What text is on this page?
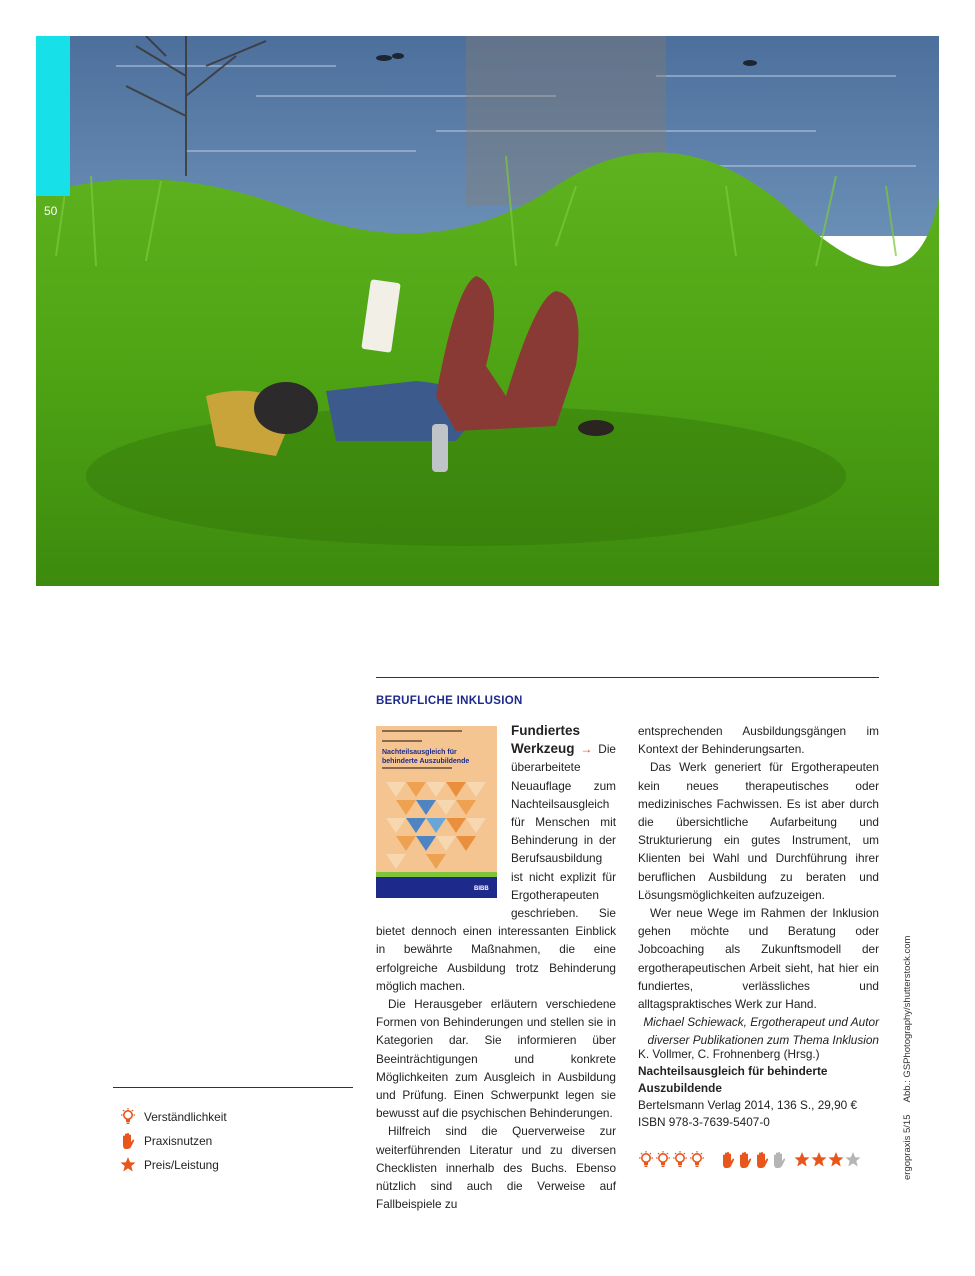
50
BERUFLICHE INKLUSION
Nachteilsausgleich für
behinderte Auszubildende
BIBB

Fundiertes Werkzeug → Die überarbeitete Neuauflage zum Nachteilsausgleich für Menschen mit Behinderung in der Berufsausbildung ist nicht explizit für Ergotherapeuten geschrieben. Sie bietet dennoch einen interessanten Einblick in bewährte Maßnahmen, die eine erfolgreiche Ausbildung trotz Behinderung möglich machen.

Die Herausgeber erläutern verschiedene Formen von Behinderungen und stellen sie in Kategorien dar. Sie informieren über Beeinträchtigungen und konkrete Möglichkeiten zum Ausgleich in Ausbildung und Prüfung. Einen Schwerpunkt legen sie bewusst auf die psychischen Behinderungen.

Hilfreich sind die Querverweise zur weiterführenden Literatur und zu diversen Checklisten innerhalb des Buchs. Ebenso nützlich sind auch die Verweise auf Fallbeispiele zu

entsprechenden Ausbildungsgängen im Kontext der Behinderungsarten.

Das Werk generiert für Ergotherapeuten kein neues therapeutisches oder medizinisches Fachwissen. Es ist aber durch die übersichtliche Aufarbeitung und Strukturierung ein gutes Instrument, um Klienten bei Wahl und Durchführung ihrer beruflichen Ausbildung zu beraten und Lösungsmöglichkeiten aufzuzeigen.

Wer neue Wege im Rahmen der Inklusion gehen möchte und Beratung oder Jobcoaching als Zukunftsmodell der ergotherapeutischen Arbeit sieht, hat hier ein fundiertes, verlässliches und alltagspraktisches Werk zur Hand.

Michael Schiewack, Ergotherapeut und Autor

diverser Publikationen zum Thema Inklusion

K. Vollmer, C. Frohnenberg (Hrsg.)
Nachteilsausgleich für behinderte
Auszubildende
Bertelsmann Verlag 2014, 136 S., 29,90 €
ISBN 978-3-7639-5407-0
Verständlichkeit
Praxisnutzen
Preis/Leistung	ergopraxis 5/15 Abb.: GSPhotography/shutterstock.com
